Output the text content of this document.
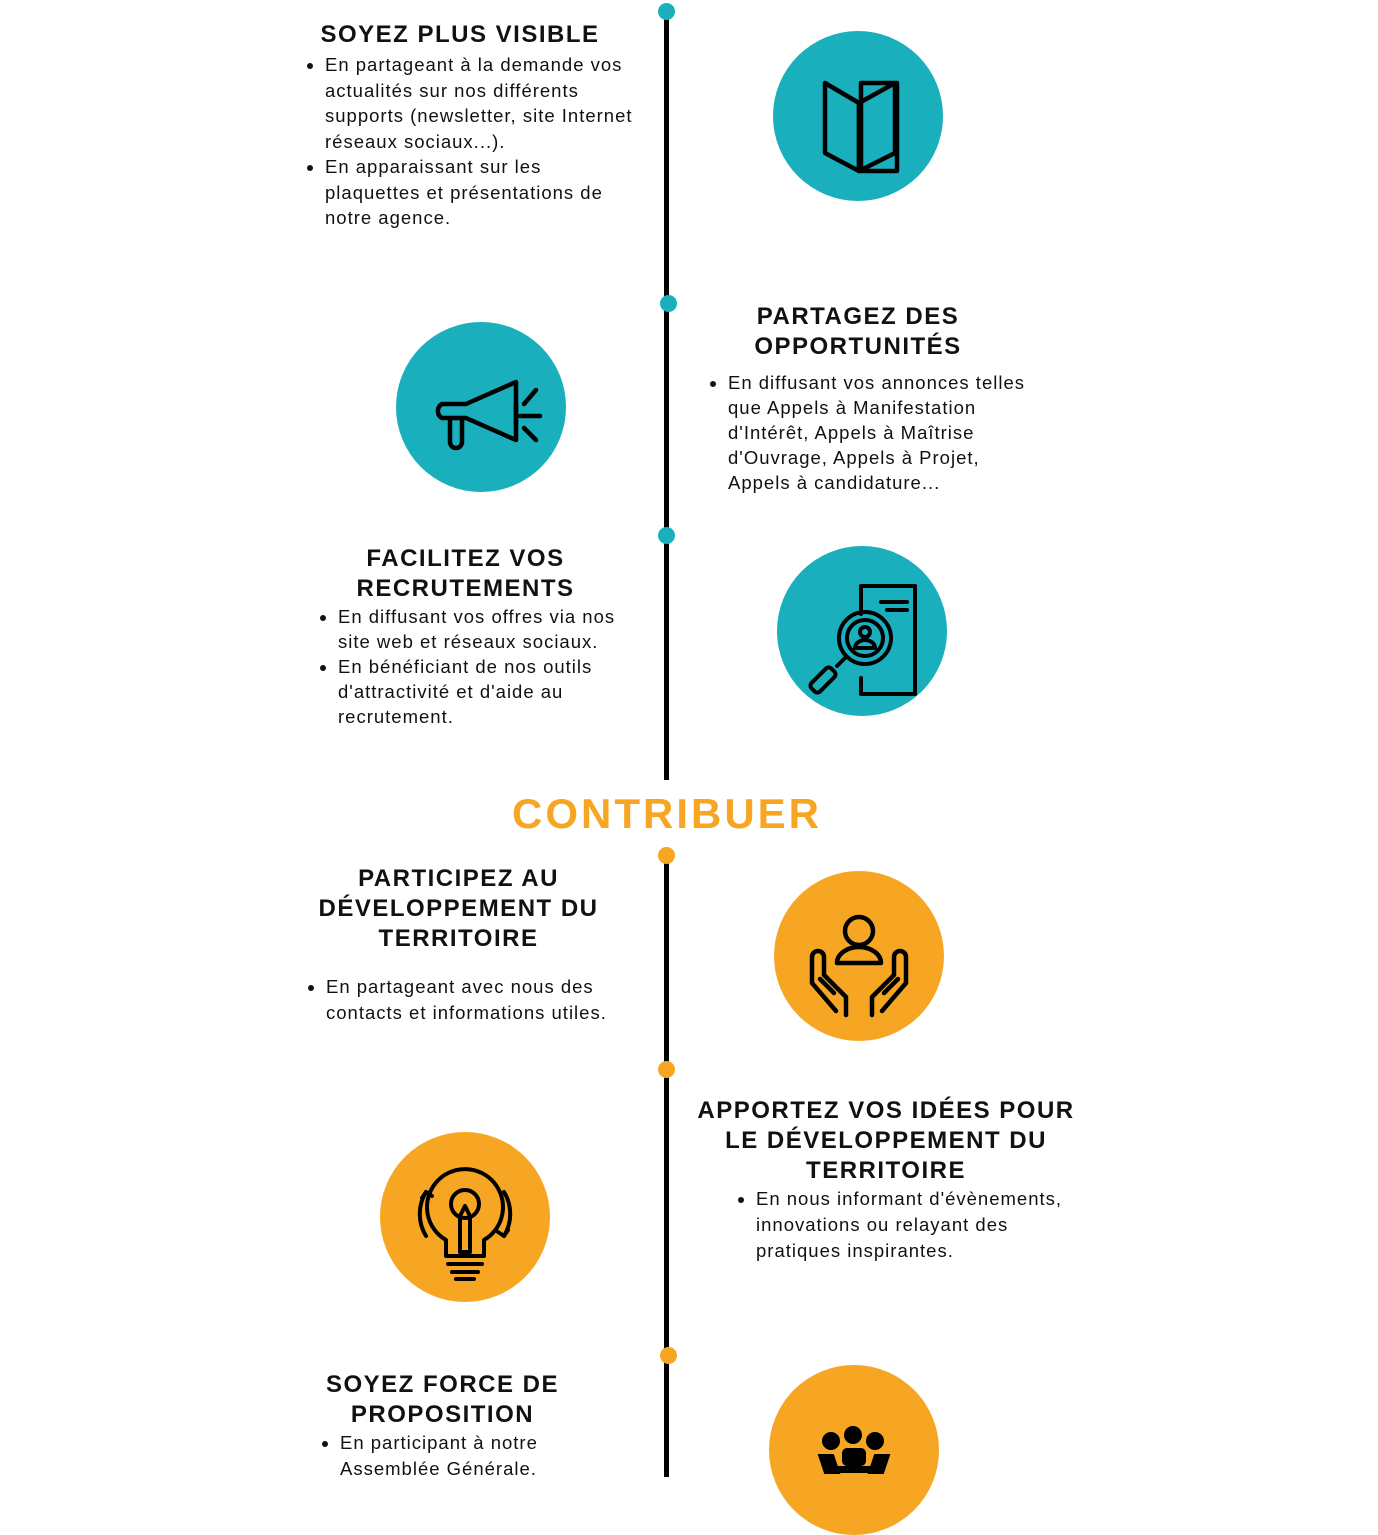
SOYEZ PLUS VISIBLE
• En partageant à la demande vos actualités sur nos différents supports (newsletter, site Internet réseaux sociaux...).
• En apparaissant sur les plaquettes et présentations de notre agence.
PARTAGEZ DES OPPORTUNITÉS
• En diffusant vos annonces telles que Appels à Manifestation d'Intérêt, Appels à Maîtrise d'Ouvrage, Appels à Projet, Appels à candidature...
FACILITEZ VOS RECRUTEMENTS
• En diffusant vos offres via nos site web et réseaux sociaux.
• En bénéficiant de nos outils d'attractivité et d'aide au recrutement.
CONTRIBUER
PARTICIPEZ AU DÉVELOPPEMENT DU TERRITOIRE
• En partageant avec nous des contacts et informations utiles.
APPORTEZ VOS IDÉES POUR LE DÉVELOPPEMENT DU TERRITOIRE
• En nous informant d'évènements, innovations ou relayant des pratiques inspirantes.
SOYEZ FORCE DE PROPOSITION
• En participant à notre Assemblée Générale.
